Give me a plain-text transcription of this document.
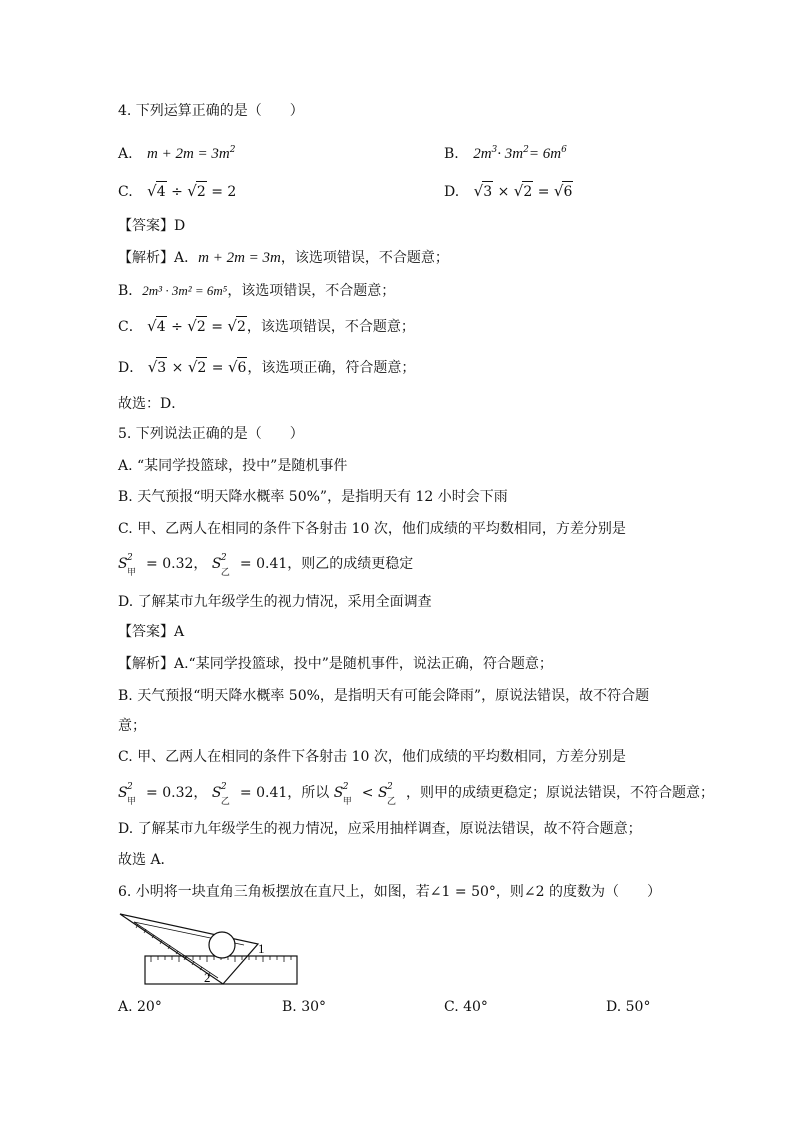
4. 下列运算正确的是（　　）
A. $m + 2m = 3m^2$	B. $2m^3\cdot 3m^2= 6m^6$
C. √4 ÷ √2 = 2	D. √3 × √2 = √6
【答案】D
【解析】A．m + 2m = 3m，该选项错误，不合题意；
B．2m³ · 3m² = 6m⁵，该选项错误，不合题意；
C． √4 ÷ √2 = √2，该选项错误，不合题意；
D． √3 × √2 = √6，该选项正确，符合题意；
故选：D．
5. 下列说法正确的是（　　）
A. “某同学投篮球，投中”是随机事件
B. 天气预报“明天降水概率 50%”，是指明天有 12 小时会下雨
C. 甲、乙两人在相同的条件下各射击 10 次，他们成绩的平均数相同，方差分别是
S 2
甲
= 0.32， S 2
乙
= 0.41，则乙的成绩更稳定
D. 了解某市九年级学生的视力情况，采用全面调查
【答案】A
【解析】A.“某同学投篮球，投中”是随机事件，说法正确，符合题意；
B. 天气预报“明天降水概率 50%，是指明天有可能会降雨”，原说法错误，故不符合题
意；
C. 甲、乙两人在相同的条件下各射击 10 次，他们成绩的平均数相同，方差分别是
S 2
甲
= 0.32， S 2
乙
= 0.41，所以 S 2
甲
< S 2
乙
，则甲的成绩更稳定；原说法错误，不符合题意；
D. 了解某市九年级学生的视力情况，应采用抽样调查，原说法错误，故不符合题意；
故选 A．
6. 小明将一块直角三角板摆放在直尺上，如图，若∠1 = 50°，则∠2 的度数为（　　）
1
2
A. 20°	B. 30°	C. 40°	D. 50°
